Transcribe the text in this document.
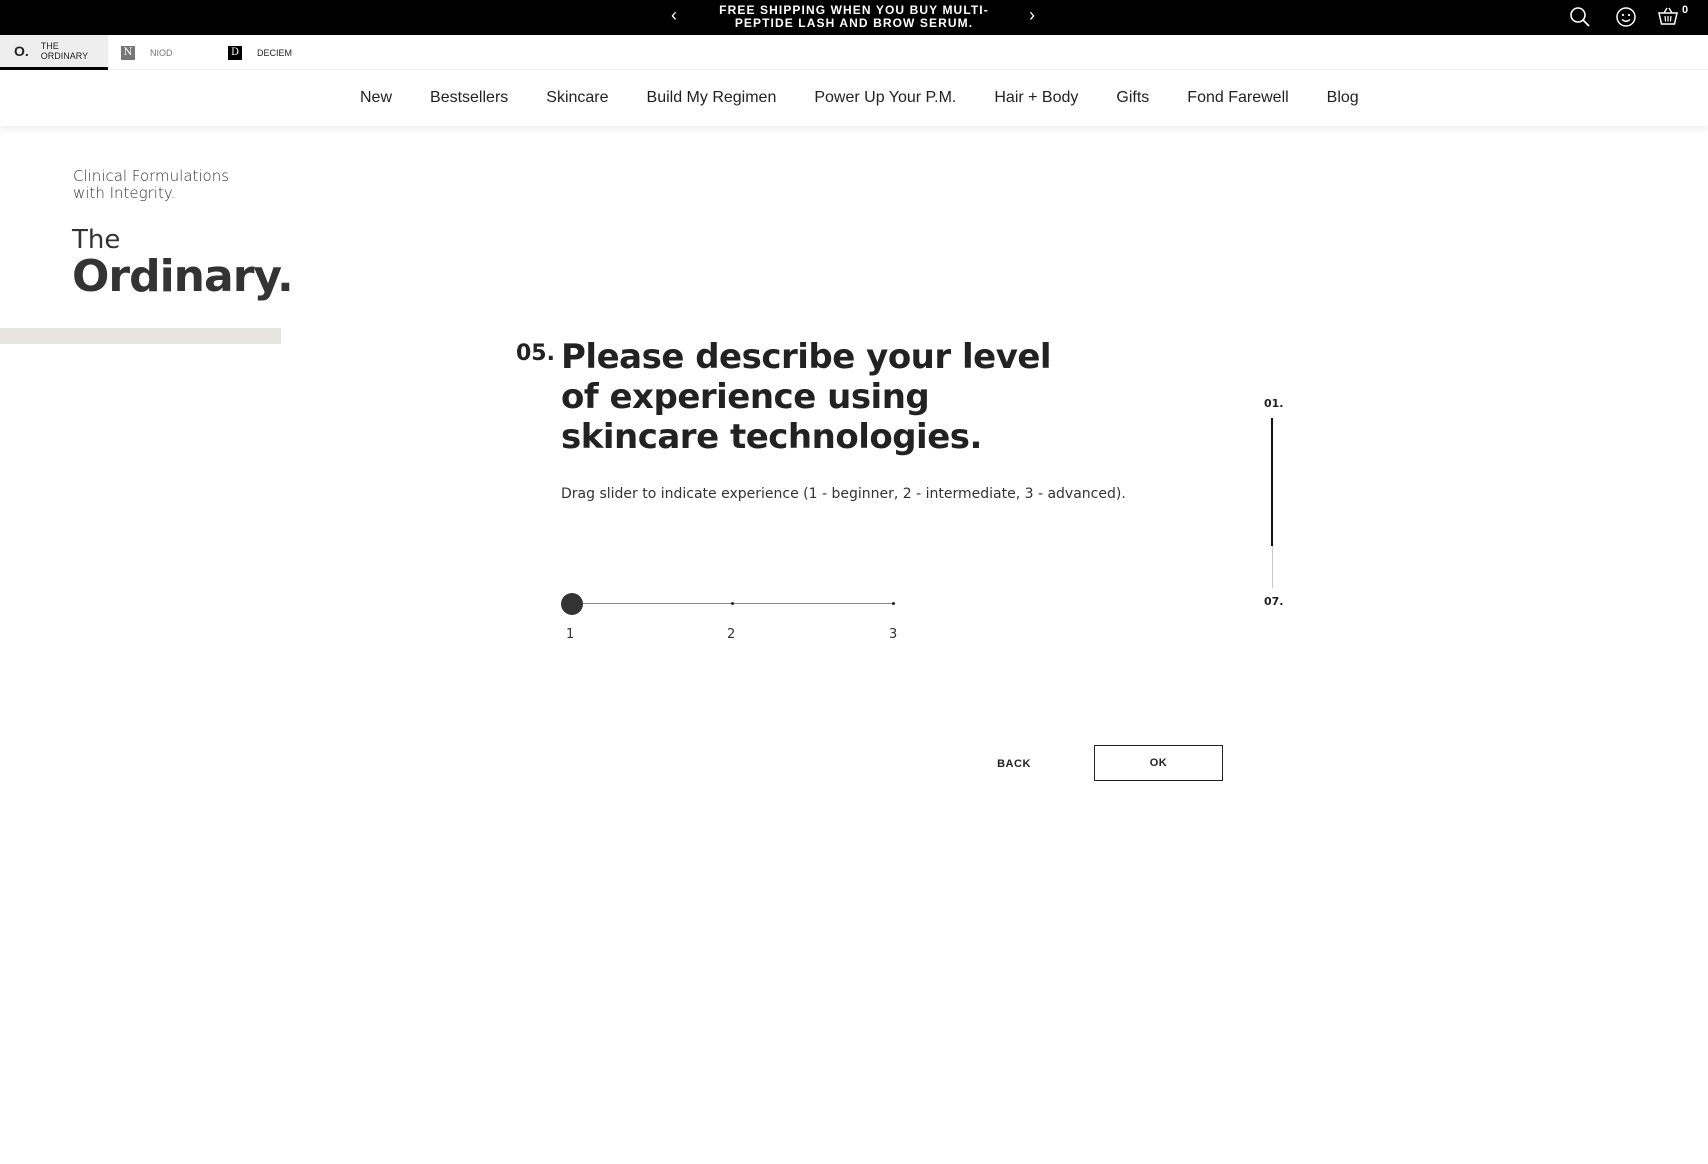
‹	FREE SHIPPING WHEN YOU BUY MULTI-PEPTIDE LASH AND BROW SERUM.	›	0
O. THE
ORDINARY	N NIOD	D	DECIEM
New Bestsellers Skincare Build My Regimen Power Up Your P.M. Hair + Body Gifts Fond Farewell Blog
Clinical Formulations
with Integrity.
The
Ordinary.
05. Please describe your level of experience using skincare technologies.

Drag slider to indicate experience (1 - beginner, 2 - intermediate, 3 - advanced).

1	2	3
01.
07.
BACK	OK
